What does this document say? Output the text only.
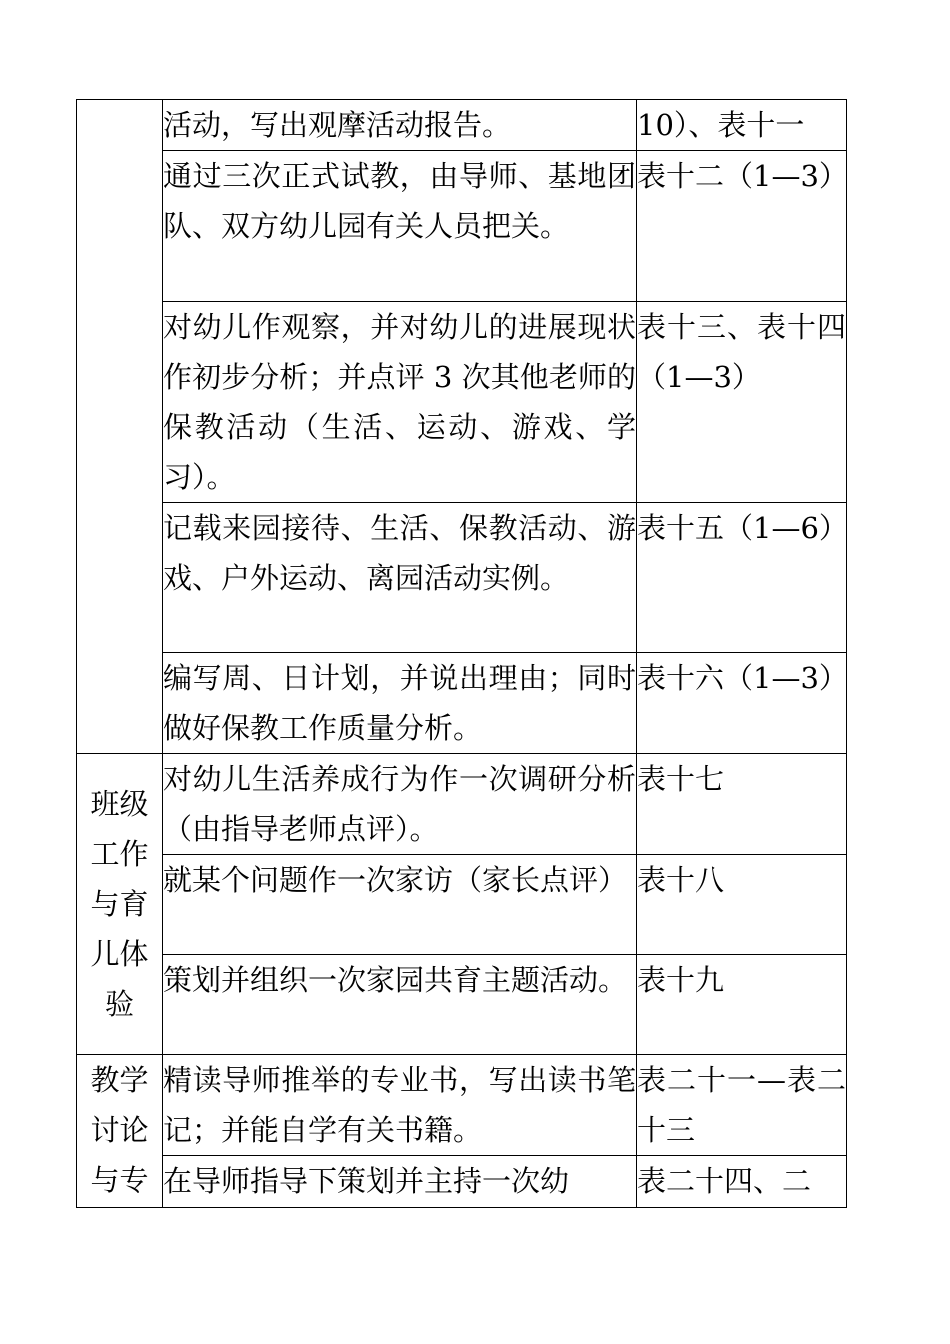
	活动，写出观摩活动报告。	10）、表十一
	通过三次正式试教，由导师、基地团队、双方幼儿园有关人员把关。	表十二（1—3）
	对幼儿作观察，并对幼儿的进展现状作初步分析；并点评 3 次其他老师的保教活动（生活、运动、游戏、学习）。	表十三、表十四（1—3）
	记载来园接待、生活、保教活动、游戏、户外运动、离园活动实例。	表十五（1—6）
	编写周、日计划，并说出理由；同时做好保教工作质量分析。	表十六（1—3）
班级工作与育儿体验	对幼儿生活养成行为作一次调研分析（由指导老师点评）。	表十七
	就某个问题作一次家访（家长点评）	表十八
	策划并组织一次家园共育主题活动。	表十九
教学讨论与专	精读导师推举的专业书，写出读书笔记；并能自学有关书籍。	表二十一—表二十三
	在导师指导下策划并主持一次幼	表二十四、二
